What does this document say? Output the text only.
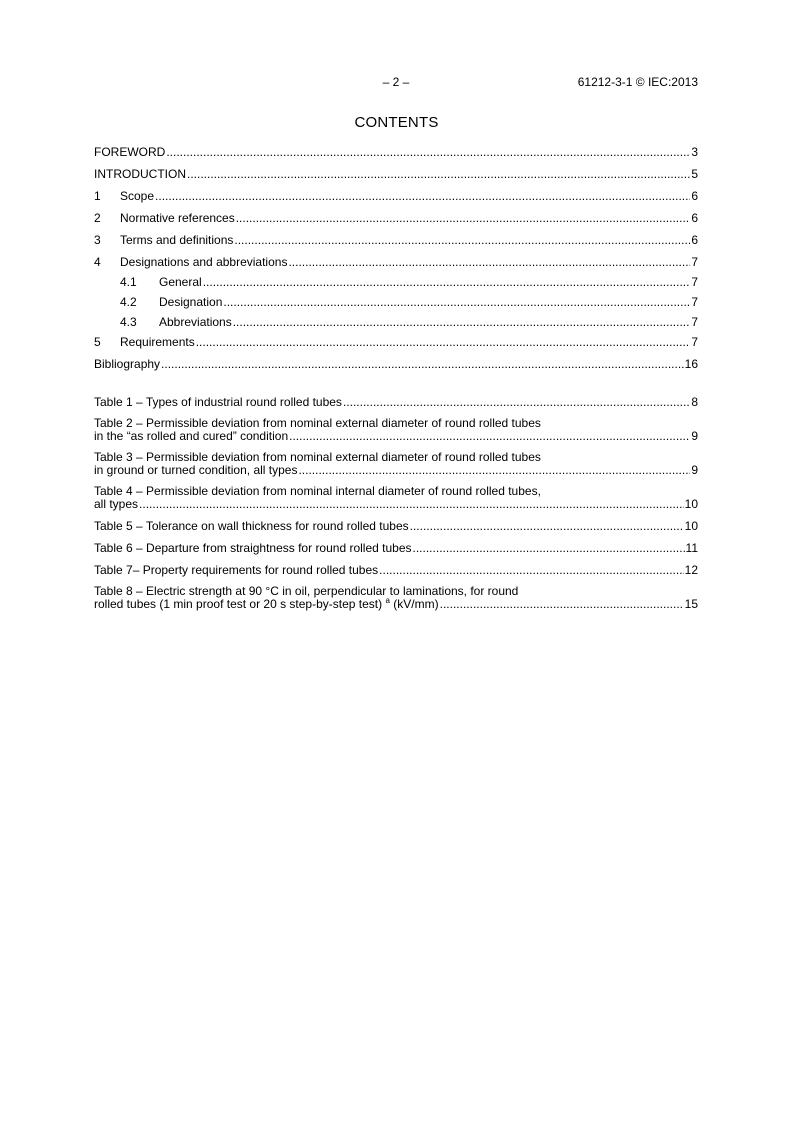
– 2 –	61212-3-1 © IEC:2013
CONTENTS
FOREWORD .....	3
INTRODUCTION .....	5
1	Scope .....	6
2	Normative references .....	6
3	Terms and definitions .....	6
4	Designations and abbreviations .....	7
4.1	General .....	7
4.2	Designation .....	7
4.3	Abbreviations .....	7
5	Requirements .....	7
Bibliography .....	16
Table 1 – Types of industrial round rolled tubes .....	8
Table 2 – Permissible deviation from nominal external diameter of round rolled tubes
in the “as rolled and cured” condition .....	9
Table 3 – Permissible deviation from nominal external diameter of round rolled tubes
in ground or turned condition, all types .....	9
Table 4 – Permissible deviation from nominal internal diameter of round rolled tubes,
all types .....	10
Table 5 – Tolerance on wall thickness for round rolled tubes .....	10
Table 6 – Departure from straightness for round rolled tubes .....	11
Table 7– Property requirements for round rolled tubes .....	12
Table 8 – Electric strength at 90 °C in oil, perpendicular to laminations, for round
rolled tubes (1 min proof test or 20 s step-by-step test) $^a$ (kV/mm) .....	15
